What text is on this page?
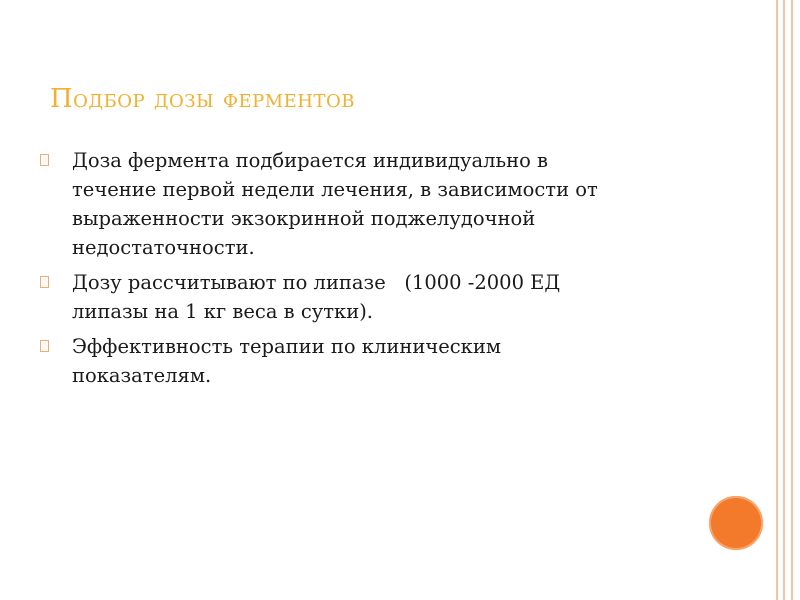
Подбор дозы ферментов
Доза фермента подбирается индивидуально в
течение первой недели лечения, в зависимости от
выраженности экзокринной поджелудочной
недостаточности.
Дозу рассчитывают по липазе   (1000 -2000 ЕД
липазы на 1 кг веса в сутки).
Эффективность терапии по клиническим
показателям.
